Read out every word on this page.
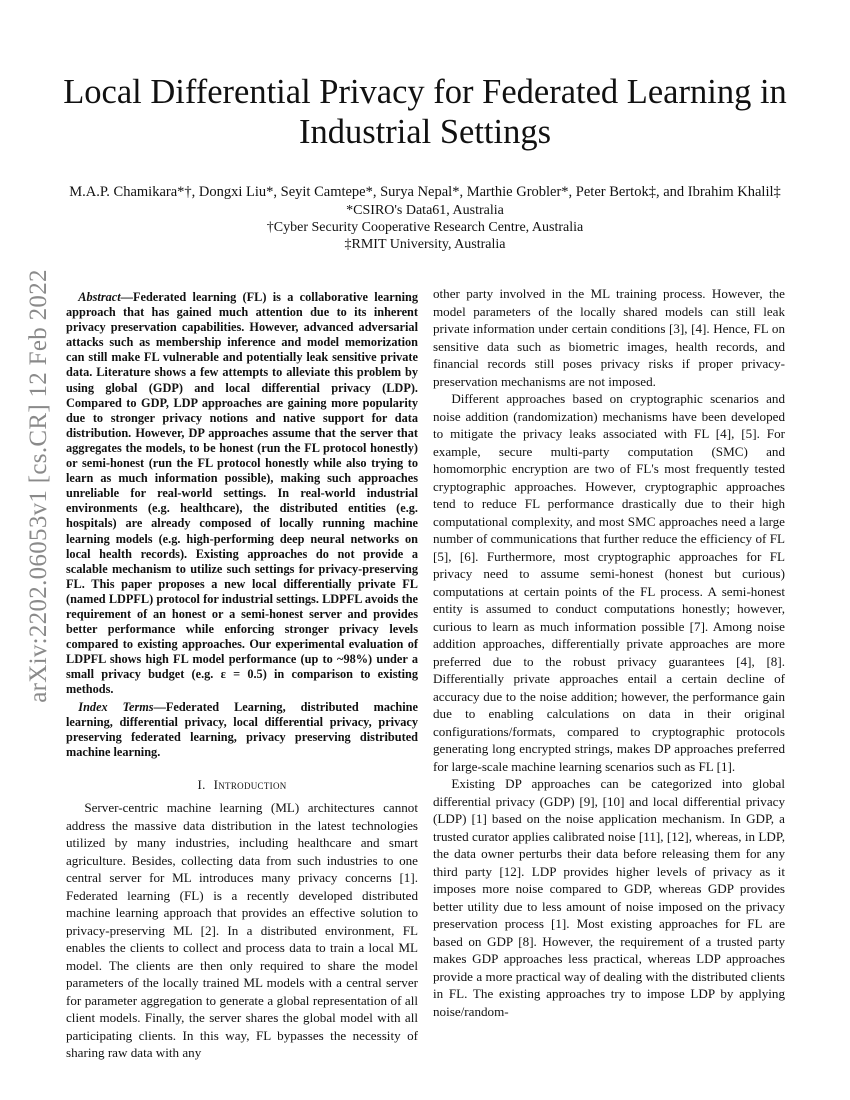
arXiv:2202.06053v1 [cs.CR] 12 Feb 2022
Local Differential Privacy for Federated Learning in Industrial Settings
M.A.P. Chamikara*†, Dongxi Liu*, Seyit Camtepe*, Surya Nepal*, Marthie Grobler*, Peter Bertok‡, and Ibrahim Khalil‡
*CSIRO's Data61, Australia
†Cyber Security Cooperative Research Centre, Australia
‡RMIT University, Australia

Abstract—Federated learning (FL) is a collaborative learning approach that has gained much attention due to its inherent privacy preservation capabilities. However, advanced adversarial attacks such as membership inference and model memorization can still make FL vulnerable and potentially leak sensitive private data. Literature shows a few attempts to alleviate this problem by using global (GDP) and local differential privacy (LDP). Compared to GDP, LDP approaches are gaining more popularity due to stronger privacy notions and native support for data distribution. However, DP approaches assume that the server that aggregates the models, to be honest (run the FL protocol honestly) or semi-honest (run the FL protocol honestly while also trying to learn as much information possible), making such approaches unreliable for real-world settings. In real-world industrial environments (e.g. healthcare), the distributed entities (e.g. hospitals) are already composed of locally running machine learning models (e.g. high-performing deep neural networks on local health records). Existing approaches do not provide a scalable mechanism to utilize such settings for privacy-preserving FL. This paper proposes a new local differentially private FL (named LDPFL) protocol for industrial settings. LDPFL avoids the requirement of an honest or a semi-honest server and provides better performance while enforcing stronger privacy levels compared to existing approaches. Our experimental evaluation of LDPFL shows high FL model performance (up to ~98%) under a small privacy budget (e.g. ε = 0.5) in comparison to existing methods.

Index Terms—Federated Learning, distributed machine learning, differential privacy, local differential privacy, privacy preserving federated learning, privacy preserving distributed machine learning.

I. Introduction

Server-centric machine learning (ML) architectures cannot address the massive data distribution in the latest technologies utilized by many industries, including healthcare and smart agriculture. Besides, collecting data from such industries to one central server for ML introduces many privacy concerns [1]. Federated learning (FL) is a recently developed distributed machine learning approach that provides an effective solution to privacy-preserving ML [2]. In a distributed environment, FL enables the clients to collect and process data to train a local ML model. The clients are then only required to share the model parameters of the locally trained ML models with a central server for parameter aggregation to generate a global representation of all client models. Finally, the server shares the global model with all participating clients. In this way, FL bypasses the necessity of sharing raw data with any

other party involved in the ML training process. However, the model parameters of the locally shared models can still leak private information under certain conditions [3], [4]. Hence, FL on sensitive data such as biometric images, health records, and financial records still poses privacy risks if proper privacy-preservation mechanisms are not imposed.

Different approaches based on cryptographic scenarios and noise addition (randomization) mechanisms have been developed to mitigate the privacy leaks associated with FL [4], [5]. For example, secure multi-party computation (SMC) and homomorphic encryption are two of FL's most frequently tested cryptographic approaches. However, cryptographic approaches tend to reduce FL performance drastically due to their high computational complexity, and most SMC approaches need a large number of communications that further reduce the efficiency of FL [5], [6]. Furthermore, most cryptographic approaches for FL privacy need to assume semi-honest (honest but curious) computations at certain points of the FL process. A semi-honest entity is assumed to conduct computations honestly; however, curious to learn as much information possible [7]. Among noise addition approaches, differentially private approaches are more preferred due to the robust privacy guarantees [4], [8]. Differentially private approaches entail a certain decline of accuracy due to the noise addition; however, the performance gain due to enabling calculations on data in their original configurations/formats, compared to cryptographic protocols generating long encrypted strings, makes DP approaches preferred for large-scale machine learning scenarios such as FL [1].

Existing DP approaches can be categorized into global differential privacy (GDP) [9], [10] and local differential privacy (LDP) [1] based on the noise application mechanism. In GDP, a trusted curator applies calibrated noise [11], [12], whereas, in LDP, the data owner perturbs their data before releasing them for any third party [12]. LDP provides higher levels of privacy as it imposes more noise compared to GDP, whereas GDP provides better utility due to less amount of noise imposed on the privacy preservation process [1]. Most existing approaches for FL are based on GDP [8]. However, the requirement of a trusted party makes GDP approaches less practical, whereas LDP approaches provide a more practical way of dealing with the distributed clients in FL. The existing approaches try to impose LDP by applying noise/random-
